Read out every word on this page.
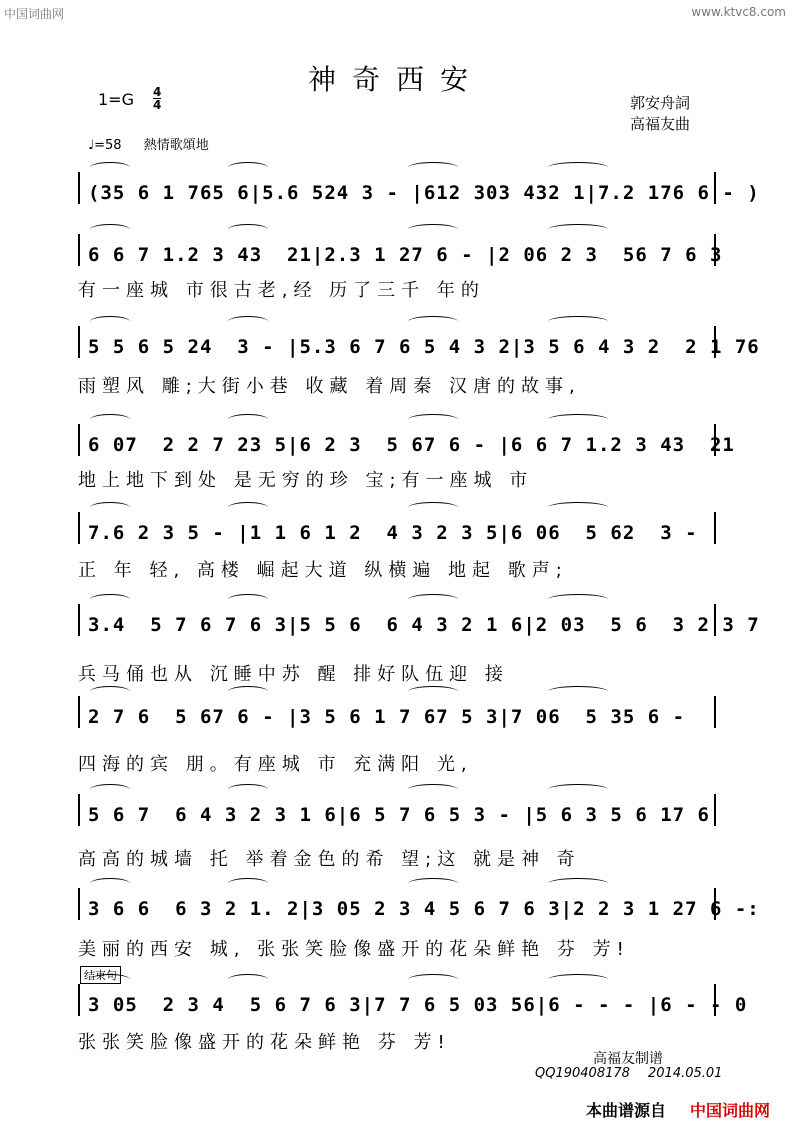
中国词曲网	www.ktvc8.com
神奇西安
1=G 4
4	郭安舟詞
高福友曲
♩=58 熱情歌頌地
(35 6 1 765 6|5.6 524 3 - |612 303 432 1|7.2 176 6 - )
6 6 7 1.2 3 43  21|2.3 1 27 6 - |2 06 2 3  56 7 6 3
有一座城 市很古老,经 历了三千 年的
5 5 6 5 24  3 - |5.3 6 7 6 5 4 3 2|3 5 6 4 3 2  2 1 76
雨塑风 雕;大街小巷 收藏 着周秦 汉唐的故事,
6 07  2 2 7 23 5|6 2 3  5 67 6 - |6 6 7 1.2 3 43  21
地上地下到处 是无穷的珍 宝;有一座城 市
7.6 2 3 5 - |1 1 6 1 2  4 3 2 3 5|6 06  5 62  3 -
正 年 轻, 高楼 崛起大道 纵横遍 地起 歌声;
3.4  5 7 6 7 6 3|5 5 6  6 4 3 2 1 6|2 03  5 6  3 2 3 7
兵马俑也从 沉睡中苏 醒 排好队伍迎 接
2 7 6  5 67 6 - |3 5 6 1 7 67 5 3|7 06  5 35 6 -
四海的宾 朋。有座城 市 充满阳 光,
5 6 7  6 4 3 2 3 1 6|6 5 7 6 5 3 - |5 6 3 5 6 17 6
高高的城墙 托 举着金色的希 望;这 就是神 奇
3 6 6  6 3 2 1. 2|3 05 2 3 4 5 6 7 6 3|2 2 3 1 27 6 -:
美丽的西安 城, 张张笑脸像盛开的花朵鲜艳 芬 芳!
3 05  2 3 4  5 6 7 6 3|7 7 6 5 03 56|6 - - - |6 - - 0
张张笑脸像盛开的花朵鲜艳 芬 芳!
结束句
高福友制谱
QQ190408178 2014.05.01
本曲谱源自 中国词曲网
